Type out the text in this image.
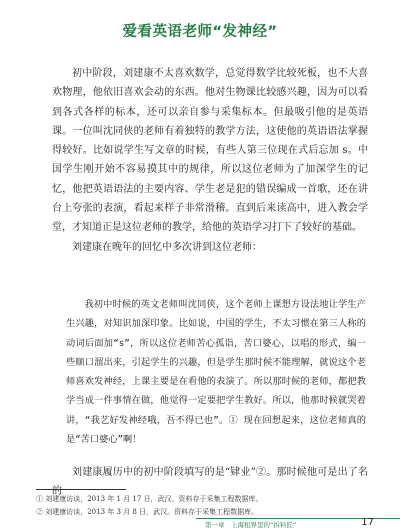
爱看英语老师“发神经”

初中阶段，刘建康不太喜欢数学，总觉得数学比较死板，也不大喜欢物理，他依旧喜欢会动的东西。他对生物课比较感兴趣，因为可以看到各式各样的标本，还可以亲自参与采集标本。但最吸引他的是英语课。一位叫沈同侠的老师有着独特的教学方法，这使他的英语语法掌握得较好。比如说学生写文章的时候，有些人第三位现在式后忘加 s。中国学生刚开始不容易摸其中的规律，所以这位老师为了加深学生的记忆，他把英语语法的主要内容、学生老是犯的错误编成一首歌，还在讲台上夸张的表演，看起来样子非常滑稽。直到后来读高中，进入教会学堂，才知道正是这位老师的教学，给他的英语学习打下了较好的基础。

刘建康在晚年的回忆中多次讲到这位老师：

我初中时候的英文老师叫沈同侠，这个老师上课想方设法地让学生产生兴趣，对知识加深印象。比如说，中国的学生，不太习惯在第三人称的动词后面加“s”，所以这位老师苦心孤诣，苦口婆心，以唱的形式，编一些顺口溜出来，引起学生的兴趣，但是学生那时候不能理解，就说这个老师喜欢发神经，上课主要是在看他的表演了。所以那时候的老师，都把教学当成一件事情在做，他觉得一定要把学生教好。所以，他那时候就哭着讲，“我艺好发神经哦，吾不得已也”。① 现在回想起来，这位老师真的是“苦口婆心”啊！

刘建康履历中的初中阶段填写的是“肄业”②。那时候他可是出了名的

① 刘建康访谈，2013 年 1 月 17 日，武汉。资料存于采集工程数据库。
② 刘建康访谈，2013 年 3 月 8 日，武汉。资料存于采集工程数据库。
第一章　上海租界里的“拆料匠”	17
